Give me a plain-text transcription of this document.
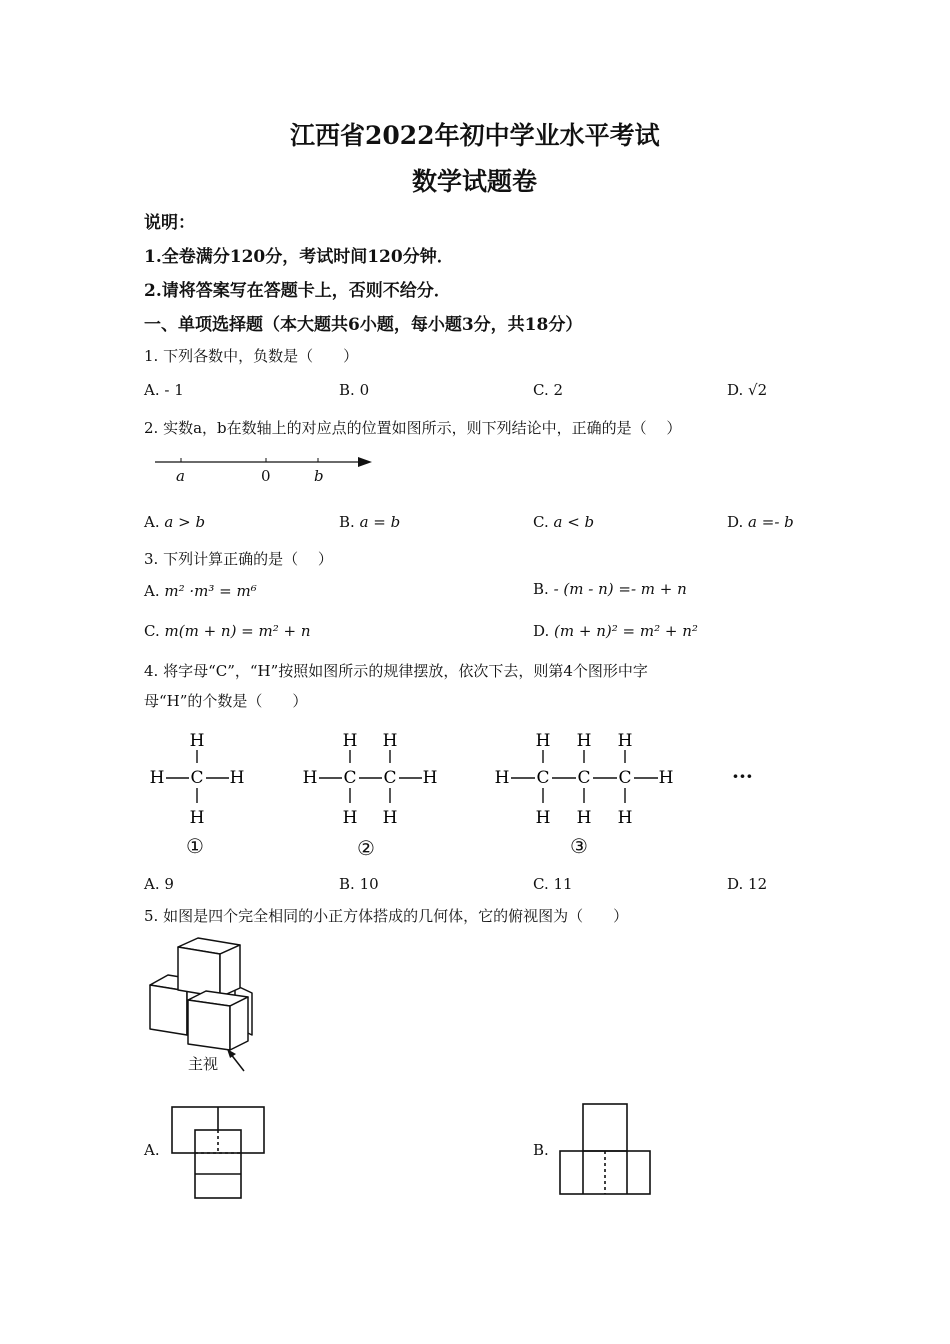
江西省2022年初中学业水平考试
数学试题卷
说明：
1.全卷满分120分，考试时间120分钟．
2.请将答案写在答题卡上，否则不给分．
一、单项选择题（本大题共6小题，每小题3分，共18分）
1. 下列各数中，负数是（　　）
A. - 1	B. 0	C. 2	D. √2
2. 实数a，b在数轴上的对应点的位置如图所示，则下列结论中，正确的是（　 ）
a	0	b
A. a > b	B. a = b	C. a < b	D. a =- b
3. 下列计算正确的是（　 ）
A. m² ·m³ = m⁶	B. - (m - n) =- m + n
C. m(m + n) = m² + n	D. (m + n)² = m² + n²
4. 将字母“C”，“H”按照如图所示的规律摆放，依次下去，则第4个图形中字
母“H”的个数是（　　）
H C
H
H
H	H C
H
H
C
H
H
H	H C
H
H
C
H
H
C
H
H
H	···
①	②	③
A. 9	B. 10	C. 11	D. 12
5. 如图是四个完全相同的小正方体搭成的几何体，它的俯视图为（　　）
主视
A.	B.
